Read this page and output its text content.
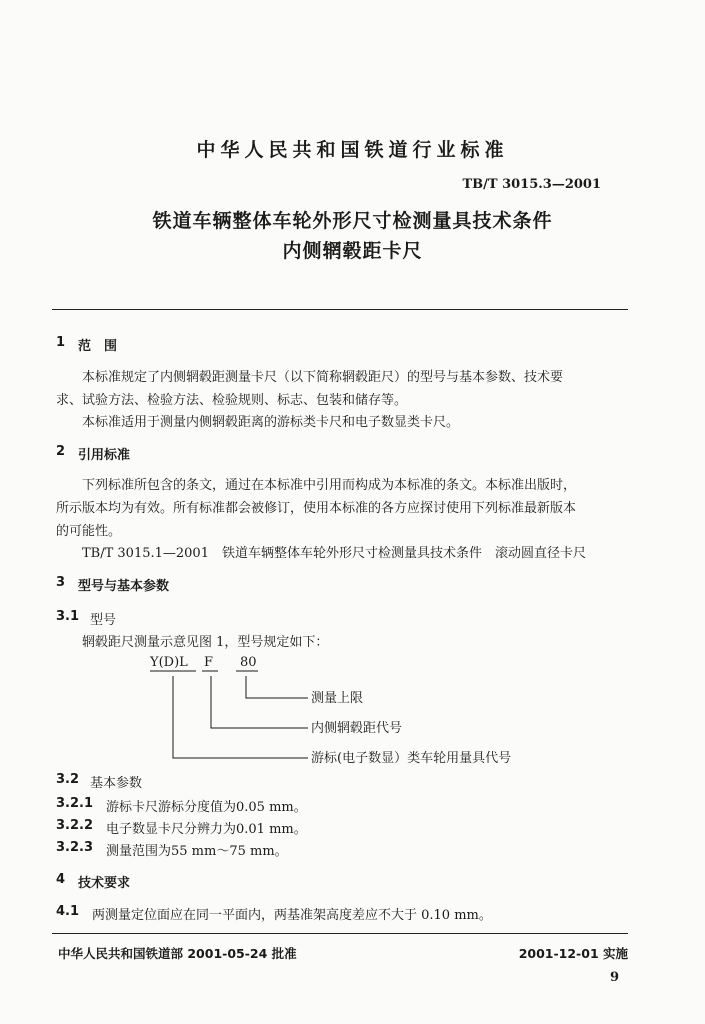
中华人民共和国铁道行业标准
TB/T 3015.3—2001
铁道车辆整体车轮外形尺寸检测量具技术条件
内侧辋毂距卡尺
1 范　围
本标准规定了内侧辋毂距测量卡尺（以下简称辋毂距尺）的型号与基本参数、技术要
求、试验方法、检验方法、检验规则、标志、包装和储存等。
本标准适用于测量内侧辋毂距离的游标类卡尺和电子数显类卡尺。
2 引用标准
下列标准所包含的条文，通过在本标准中引用而构成为本标准的条文。本标准出版时，
所示版本均为有效。所有标准都会被修订，使用本标准的各方应探讨使用下列标准最新版本
的可能性。
TB/T 3015.1—2001　铁道车辆整体车轮外形尺寸检测量具技术条件　滚动圆直径卡尺
3 型号与基本参数
3.1 型号
辋毂距尺测量示意见图 1，型号规定如下：
Y(D)L F 80
测量上限
内侧辋毂距代号
游标(电子数显）类车轮用量具代号
3.2 基本参数
3.2.1 游标卡尺游标分度值为0.05 mm。
3.2.2 电子数显卡尺分辨力为0.01 mm。
3.2.3 测量范围为55 mm～75 mm。
4 技术要求
4.1 两测量定位面应在同一平面内，两基准架高度差应不大于 0.10 mm。
中华人民共和国铁道部 2001-05-24 批准	2001-12-01 实施
9
